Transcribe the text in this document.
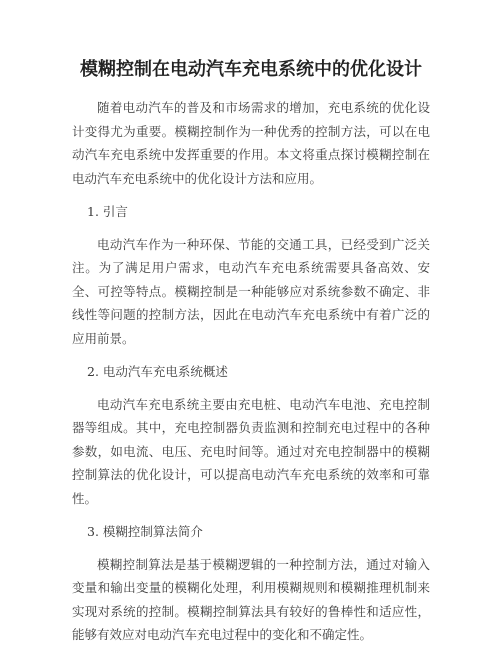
模糊控制在电动汽车充电系统中的优化设计

随着电动汽车的普及和市场需求的增加，充电系统的优化设计变得尤为重要。模糊控制作为一种优秀的控制方法，可以在电动汽车充电系统中发挥重要的作用。本文将重点探讨模糊控制在电动汽车充电系统中的优化设计方法和应用。

1. 引言

电动汽车作为一种环保、节能的交通工具，已经受到广泛关注。为了满足用户需求，电动汽车充电系统需要具备高效、安全、可控等特点。模糊控制是一种能够应对系统参数不确定、非线性等问题的控制方法，因此在电动汽车充电系统中有着广泛的应用前景。

2. 电动汽车充电系统概述

电动汽车充电系统主要由充电桩、电动汽车电池、充电控制器等组成。其中，充电控制器负责监测和控制充电过程中的各种参数，如电流、电压、充电时间等。通过对充电控制器中的模糊控制算法的优化设计，可以提高电动汽车充电系统的效率和可靠性。

3. 模糊控制算法简介

模糊控制算法是基于模糊逻辑的一种控制方法，通过对输入变量和输出变量的模糊化处理，利用模糊规则和模糊推理机制来实现对系统的控制。模糊控制算法具有较好的鲁棒性和适应性，能够有效应对电动汽车充电过程中的变化和不确定性。
